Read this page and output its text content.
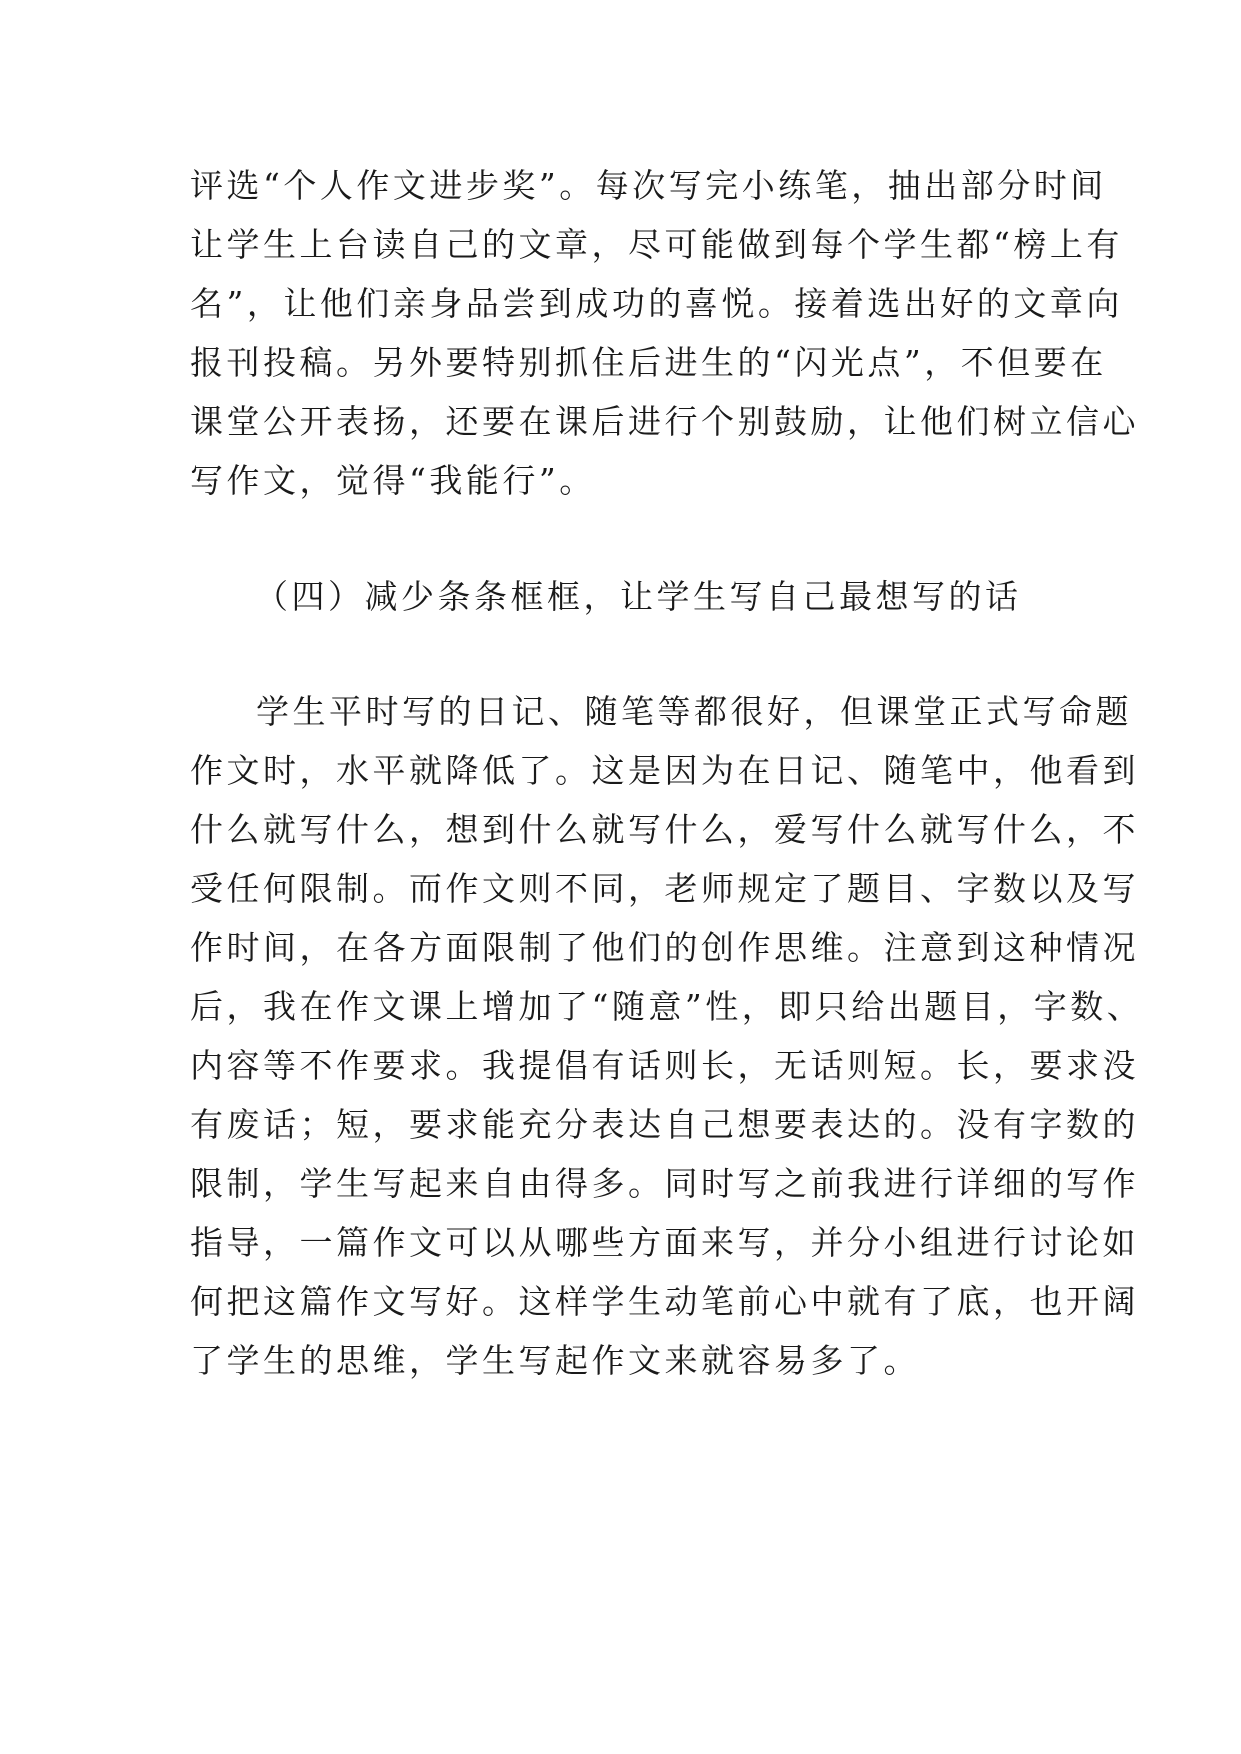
评选“个人作文进步奖”。每次写完小练笔，抽出部分时间
让学生上台读自己的文章，尽可能做到每个学生都“榜上有
名”，让他们亲身品尝到成功的喜悦。接着选出好的文章向
报刊投稿。另外要特别抓住后进生的“闪光点”，不但要在
课堂公开表扬，还要在课后进行个别鼓励，让他们树立信心
写作文，觉得“我能行”。
（四）减少条条框框，让学生写自己最想写的话
学生平时写的日记、随笔等都很好，但课堂正式写命题
作文时，水平就降低了。这是因为在日记、随笔中，他看到
什么就写什么，想到什么就写什么，爱写什么就写什么，不
受任何限制。而作文则不同，老师规定了题目、字数以及写
作时间，在各方面限制了他们的创作思维。注意到这种情况
后，我在作文课上增加了“随意”性，即只给出题目，字数、
内容等不作要求。我提倡有话则长，无话则短。长，要求没
有废话；短，要求能充分表达自己想要表达的。没有字数的
限制，学生写起来自由得多。同时写之前我进行详细的写作
指导，一篇作文可以从哪些方面来写，并分小组进行讨论如
何把这篇作文写好。这样学生动笔前心中就有了底，也开阔
了学生的思维，学生写起作文来就容易多了。
